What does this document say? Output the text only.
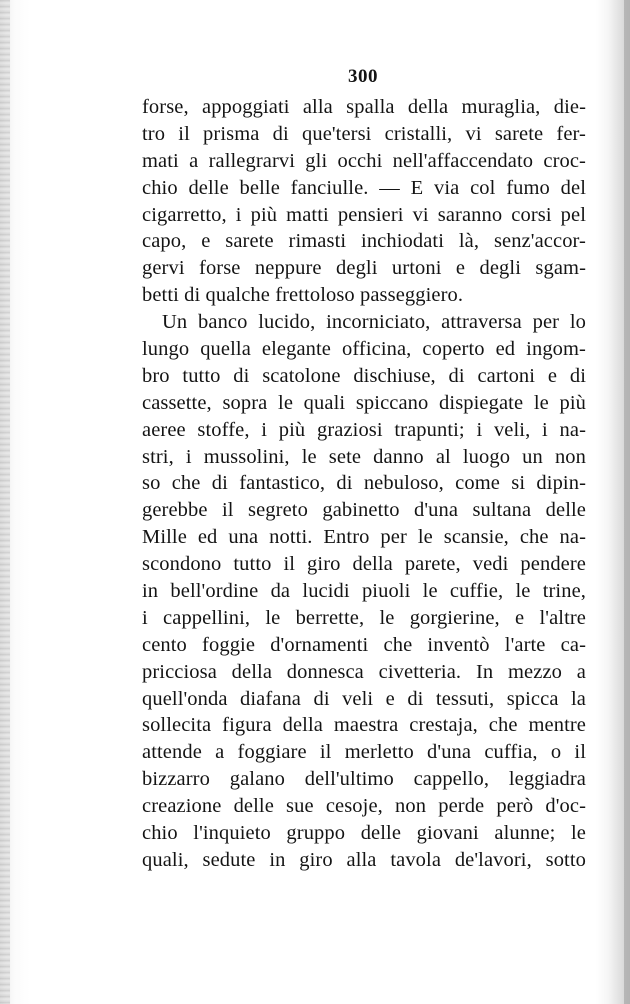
300
forse, appoggiati alla spalla della muraglia, die-
tro il prisma di que'tersi cristalli, vi sarete fer-
mati a rallegrarvi gli occhi nell'affaccendato croc-
chio delle belle fanciulle. — E via col fumo del
cigarretto, i più matti pensieri vi saranno corsi pel
capo, e sarete rimasti inchiodati là, senz'accor-
gervi forse neppure degli urtoni e degli sgam-
betti di qualche frettoloso passeggiero.
Un banco lucido, incorniciato, attraversa per lo
lungo quella elegante officina, coperto ed ingom-
bro tutto di scatolone dischiuse, di cartoni e di
cassette, sopra le quali spiccano dispiegate le più
aeree stoffe, i più graziosi trapunti; i veli, i na-
stri, i mussolini, le sete danno al luogo un non
so che di fantastico, di nebuloso, come si dipin-
gerebbe il segreto gabinetto d'una sultana delle
Mille ed una notti. Entro per le scansie, che na-
scondono tutto il giro della parete, vedi pendere
in bell'ordine da lucidi piuoli le cuffie, le trine,
i cappellini, le berrette, le gorgierine, e l'altre
cento foggie d'ornamenti che inventò l'arte ca-
pricciosa della donnesca civetteria. In mezzo a
quell'onda diafana di veli e di tessuti, spicca la
sollecita figura della maestra crestaja, che mentre
attende a foggiare il merletto d'una cuffia, o il
bizzarro galano dell'ultimo cappello, leggiadra
creazione delle sue cesoje, non perde però d'oc-
chio l'inquieto gruppo delle giovani alunne; le
quali, sedute in giro alla tavola de'lavori, sotto
